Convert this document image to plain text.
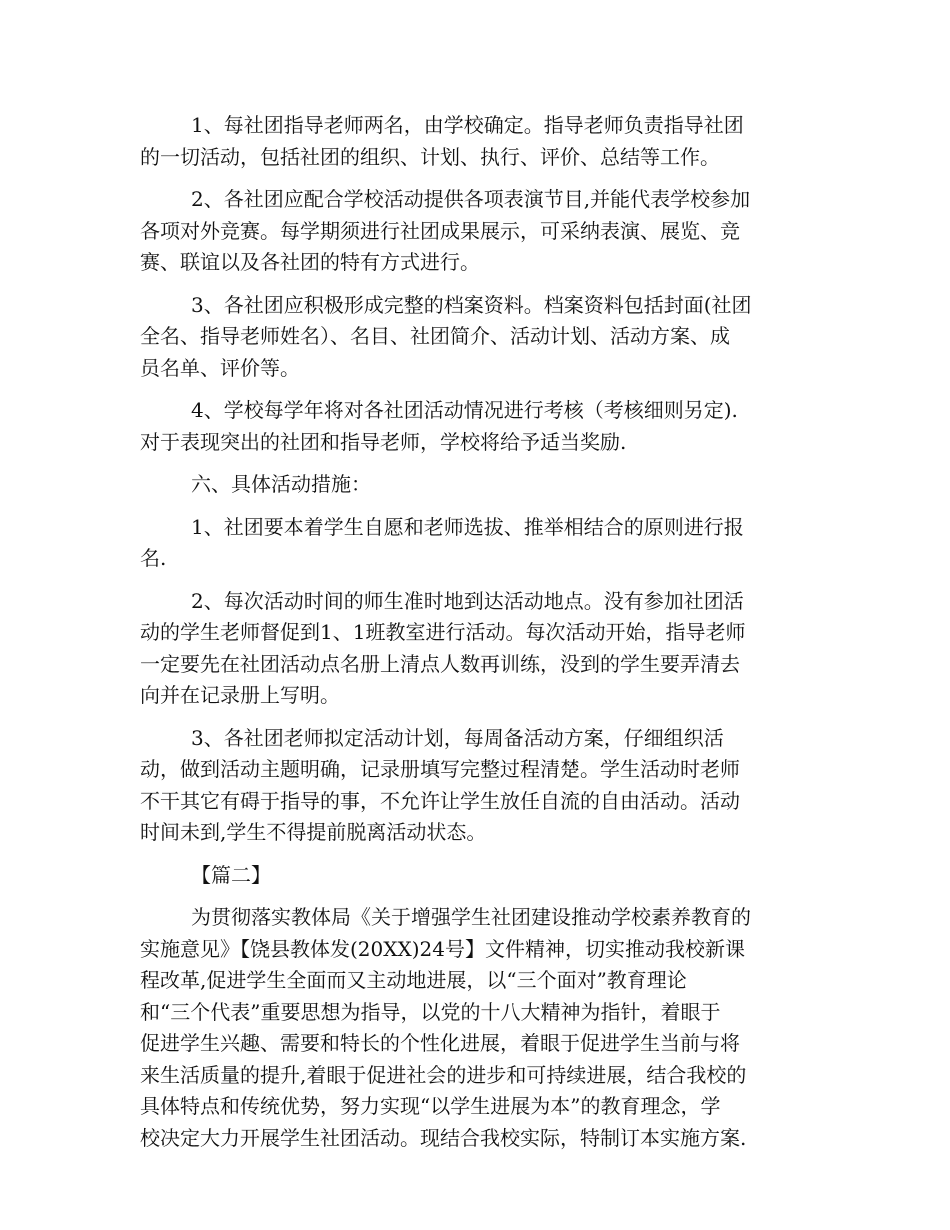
1、每社团指导老师两名，由学校确定。指导老师负责指导社团
的一切活动，包括社团的组织、计划、执行、评价、总结等工作。

2、各社团应配合学校活动提供各项表演节目,并能代表学校参加
各项对外竞赛。每学期须进行社团成果展示，可采纳表演、展览、竞
赛、联谊以及各社团的特有方式进行。

3、各社团应积极形成完整的档案资料。档案资料包括封面(社团
全名、指导老师姓名）、名目、社团简介、活动计划、活动方案、成
员名单、评价等。

4、学校每学年将对各社团活动情况进行考核（考核细则另定).
对于表现突出的社团和指导老师，学校将给予适当奖励.

六、具体活动措施：

1、社团要本着学生自愿和老师选拔、推举相结合的原则进行报
名.

2、每次活动时间的师生准时地到达活动地点。没有参加社团活
动的学生老师督促到1、1班教室进行活动。每次活动开始，指导老师
一定要先在社团活动点名册上清点人数再训练，没到的学生要弄清去
向并在记录册上写明。

3、各社团老师拟定活动计划，每周备活动方案，仔细组织活
动，做到活动主题明确，记录册填写完整过程清楚。学生活动时老师
不干其它有碍于指导的事，不允许让学生放任自流的自由活动。活动
时间未到,学生不得提前脱离活动状态。

【篇二】

为贯彻落实教体局《关于增强学生社团建设推动学校素养教育的
实施意见》【饶县教体发(20XX)24号】文件精神，切实推动我校新课
程改革,促进学生全面而又主动地进展，以“三个面对”教育理论
和“三个代表”重要思想为指导，以党的十八大精神为指针，着眼于
促进学生兴趣、需要和特长的个性化进展，着眼于促进学生当前与将
来生活质量的提升,着眼于促进社会的进步和可持续进展，结合我校的
具体特点和传统优势，努力实现“以学生进展为本”的教育理念，学
校决定大力开展学生社团活动。现结合我校实际，特制订本实施方案.
